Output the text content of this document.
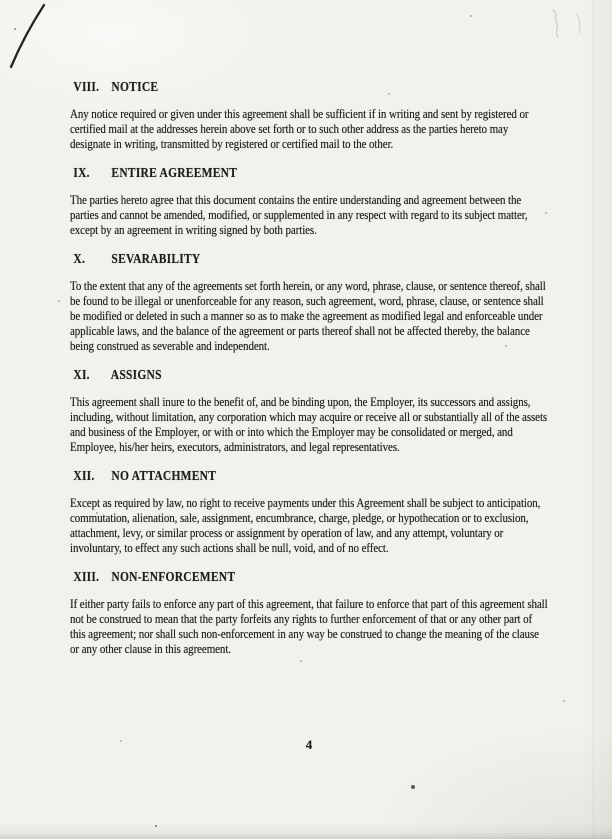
VIII. NOTICE

Any notice required or given under this agreement shall be sufficient if in writing and sent by registered or certified mail at the addresses herein above set forth or to such other address as the parties hereto may designate in writing, transmitted by registered or certified mail to the other.

IX. ENTIRE AGREEMENT

The parties hereto agree that this document contains the entire understanding and agreement between the parties and cannot be amended, modified, or supplemented in any respect with regard to its subject matter, except by an agreement in writing signed by both parties.

X. SEVARABILITY

To the extent that any of the agreements set forth herein, or any word, phrase, clause, or sentence thereof, shall be found to be illegal or unenforceable for any reason, such agreement, word, phrase, clause, or sentence shall be modified or deleted in such a manner so as to make the agreement as modified legal and enforceable under applicable laws, and the balance of the agreement or parts thereof shall not be affected thereby, the balance being construed as severable and independent.

XI. ASSIGNS

This agreement shall inure to the benefit of, and be binding upon, the Employer, its successors and assigns, including, without limitation, any corporation which may acquire or receive all or substantially all of the assets and business of the Employer, or with or into which the Employer may be consolidated or merged, and Employee, his/her heirs, executors, administrators, and legal representatives.

XII. NO ATTACHMENT

Except as required by law, no right to receive payments under this Agreement shall be subject to anticipation, commutation, alienation, sale, assignment, encumbrance, charge, pledge, or hypothecation or to exclusion, attachment, levy, or similar process or assignment by operation of law, and any attempt, voluntary or involuntary, to effect any such actions shall be null, void, and of no effect.

XIII. NON-ENFORCEMENT

If either party fails to enforce any part of this agreement, that failure to enforce that part of this agreement shall not be construed to mean that the party forfeits any rights to further enforcement of that or any other part of this agreement; nor shall such non-enforcement in any way be construed to change the meaning of the clause or any other clause in this agreement.

4
